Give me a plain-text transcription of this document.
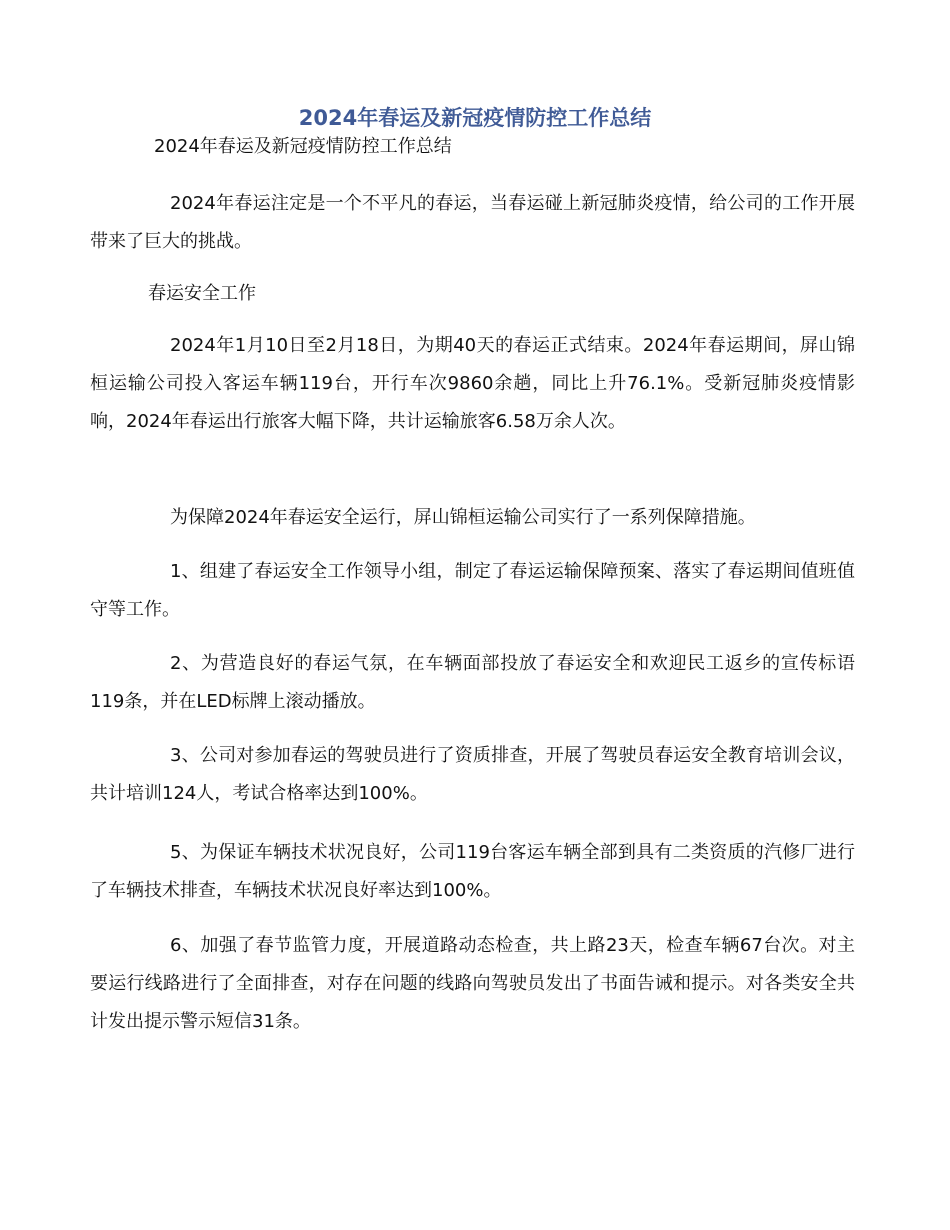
2024年春运及新冠疫情防控工作总结
2024年春运及新冠疫情防控工作总结
2024年春运注定是一个不平凡的春运，当春运碰上新冠肺炎疫情，给公司的工作开展带来了巨大的挑战。
春运安全工作
2024年1月10日至2月18日，为期40天的春运正式结束。2024年春运期间，屏山锦桓运输公司投入客运车辆119台，开行车次9860余趟，同比上升76.1%。受新冠肺炎疫情影响，2024年春运出行旅客大幅下降，共计运输旅客6.58万余人次。
为保障2024年春运安全运行，屏山锦桓运输公司实行了一系列保障措施。
1、组建了春运安全工作领导小组，制定了春运运输保障预案、落实了春运期间值班值守等工作。
2、为营造良好的春运气氛，在车辆面部投放了春运安全和欢迎民工返乡的宣传标语119条，并在LED标牌上滚动播放。
3、公司对参加春运的驾驶员进行了资质排查，开展了驾驶员春运安全教育培训会议，共计培训124人，考试合格率达到100%。
5、为保证车辆技术状况良好，公司119台客运车辆全部到具有二类资质的汽修厂进行了车辆技术排查，车辆技术状况良好率达到100%。
6、加强了春节监管力度，开展道路动态检查，共上路23天，检查车辆67台次。对主要运行线路进行了全面排查，对存在问题的线路向驾驶员发出了书面告诫和提示。对各类安全共计发出提示警示短信31条。
